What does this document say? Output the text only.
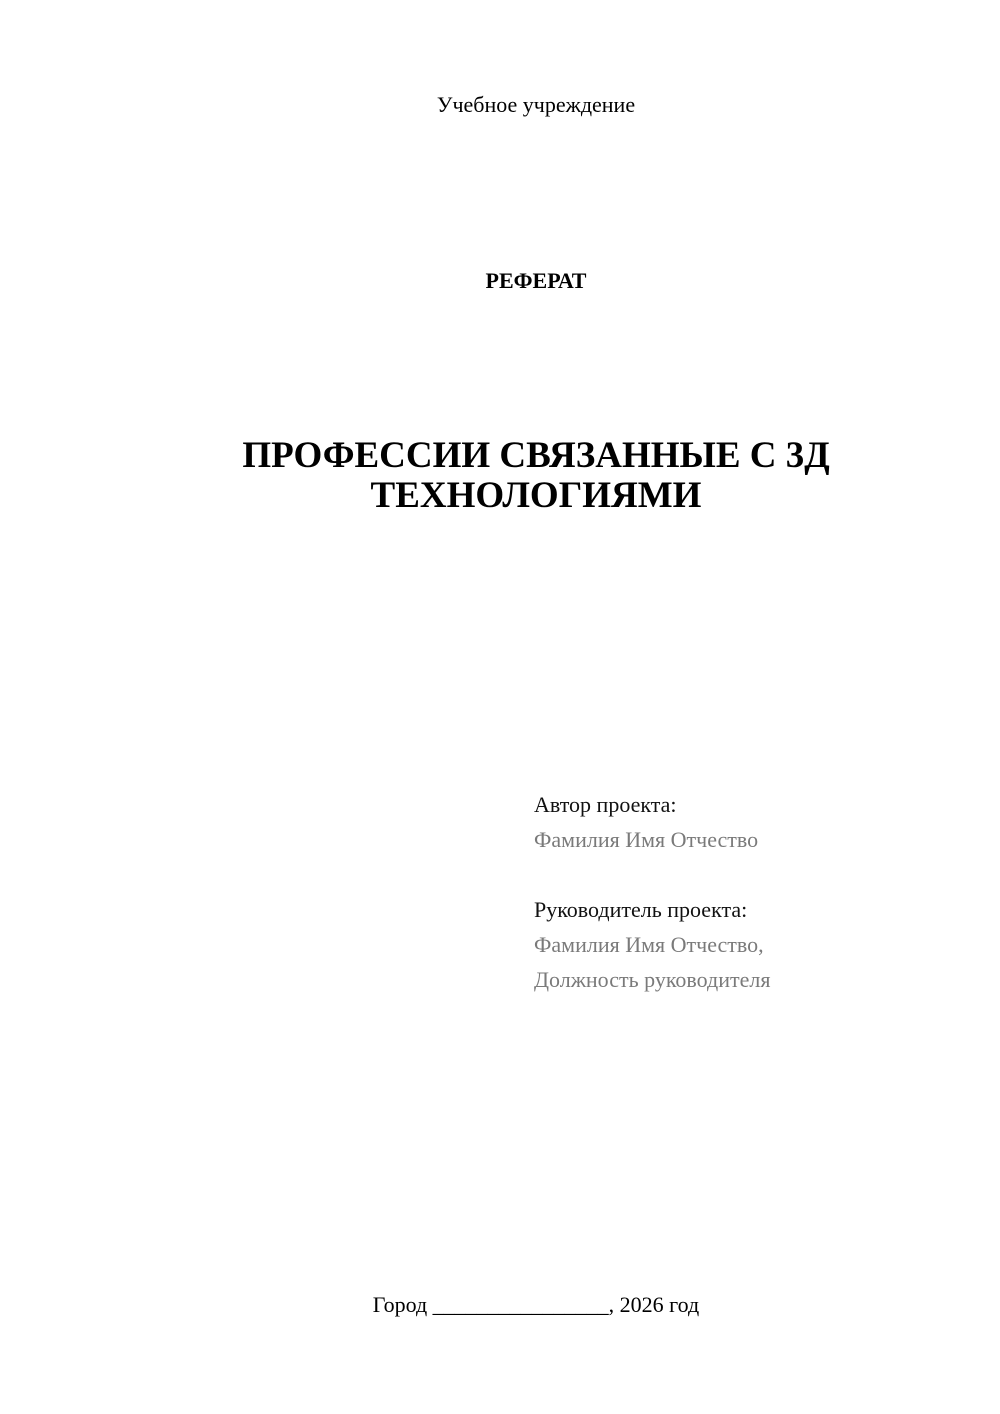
Учебное учреждение
РЕФЕРАТ
ПРОФЕССИИ СВЯЗАННЫЕ С 3Д
ТЕХНОЛОГИЯМИ
Автор проекта:
Фамилия Имя Отчество
Руководитель проекта:
Фамилия Имя Отчество,
Должность руководителя
Город ________________, 2026 год
